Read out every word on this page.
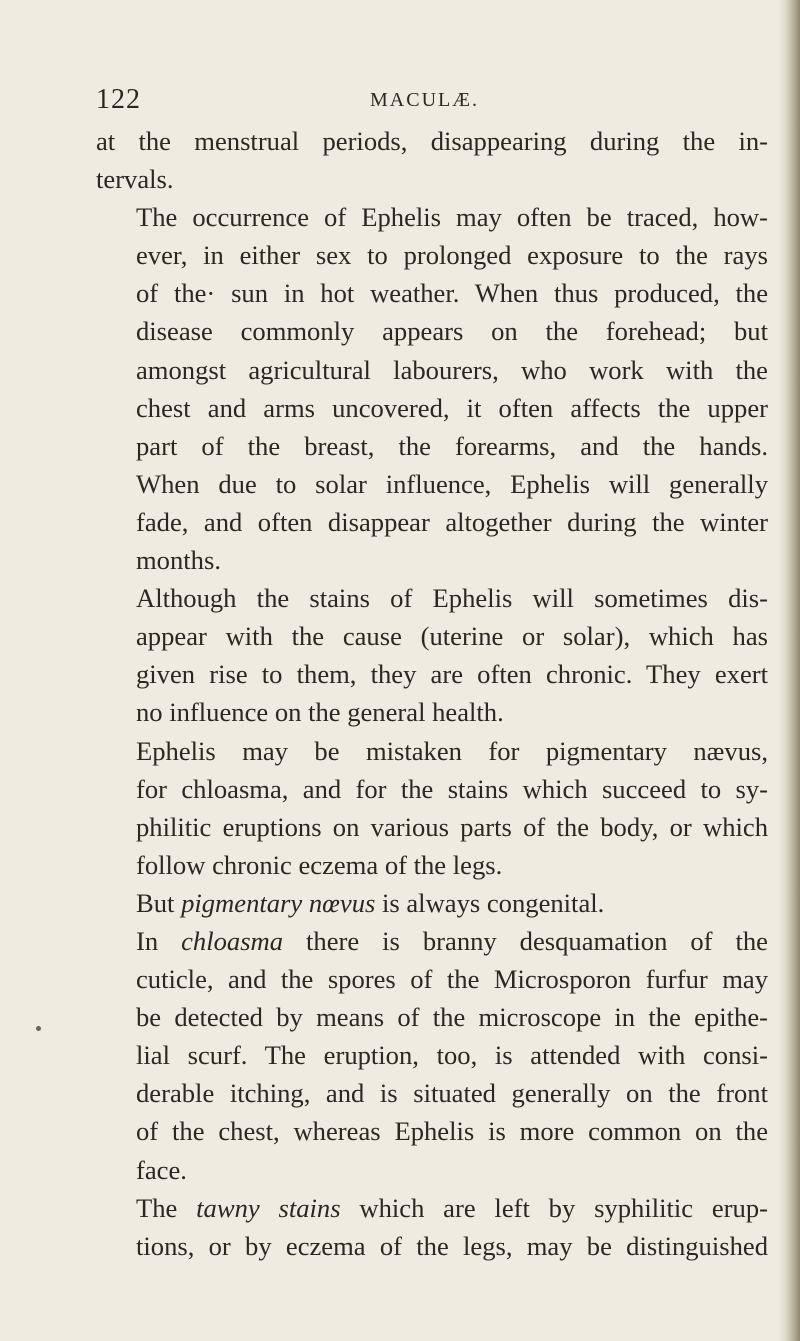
122	MACULÆ.

at the menstrual periods, disappearing during the in-
tervals.

The occurrence of Ephelis may often be traced, how-
ever, in either sex to prolonged exposure to the rays
of the· sun in hot weather. When thus produced, the
disease commonly appears on the forehead; but
amongst agricultural labourers, who work with the
chest and arms uncovered, it often affects the upper
part of the breast, the forearms, and the hands.
When due to solar influence, Ephelis will generally
fade, and often disappear altogether during the winter
months.

Although the stains of Ephelis will sometimes dis-
appear with the cause (uterine or solar), which has
given rise to them, they are often chronic. They exert
no influence on the general health.

Ephelis may be mistaken for pigmentary nævus,
for chloasma, and for the stains which succeed to sy-
philitic eruptions on various parts of the body, or which
follow chronic eczema of the legs.

But pigmentary nœvus is always congenital.

In chloasma there is branny desquamation of the
cuticle, and the spores of the Microsporon furfur may
be detected by means of the microscope in the epithe-
lial scurf. The eruption, too, is attended with consi-
derable itching, and is situated generally on the front
of the chest, whereas Ephelis is more common on the
face.

The tawny stains which are left by syphilitic erup-
tions, or by eczema of the legs, may be distinguished
